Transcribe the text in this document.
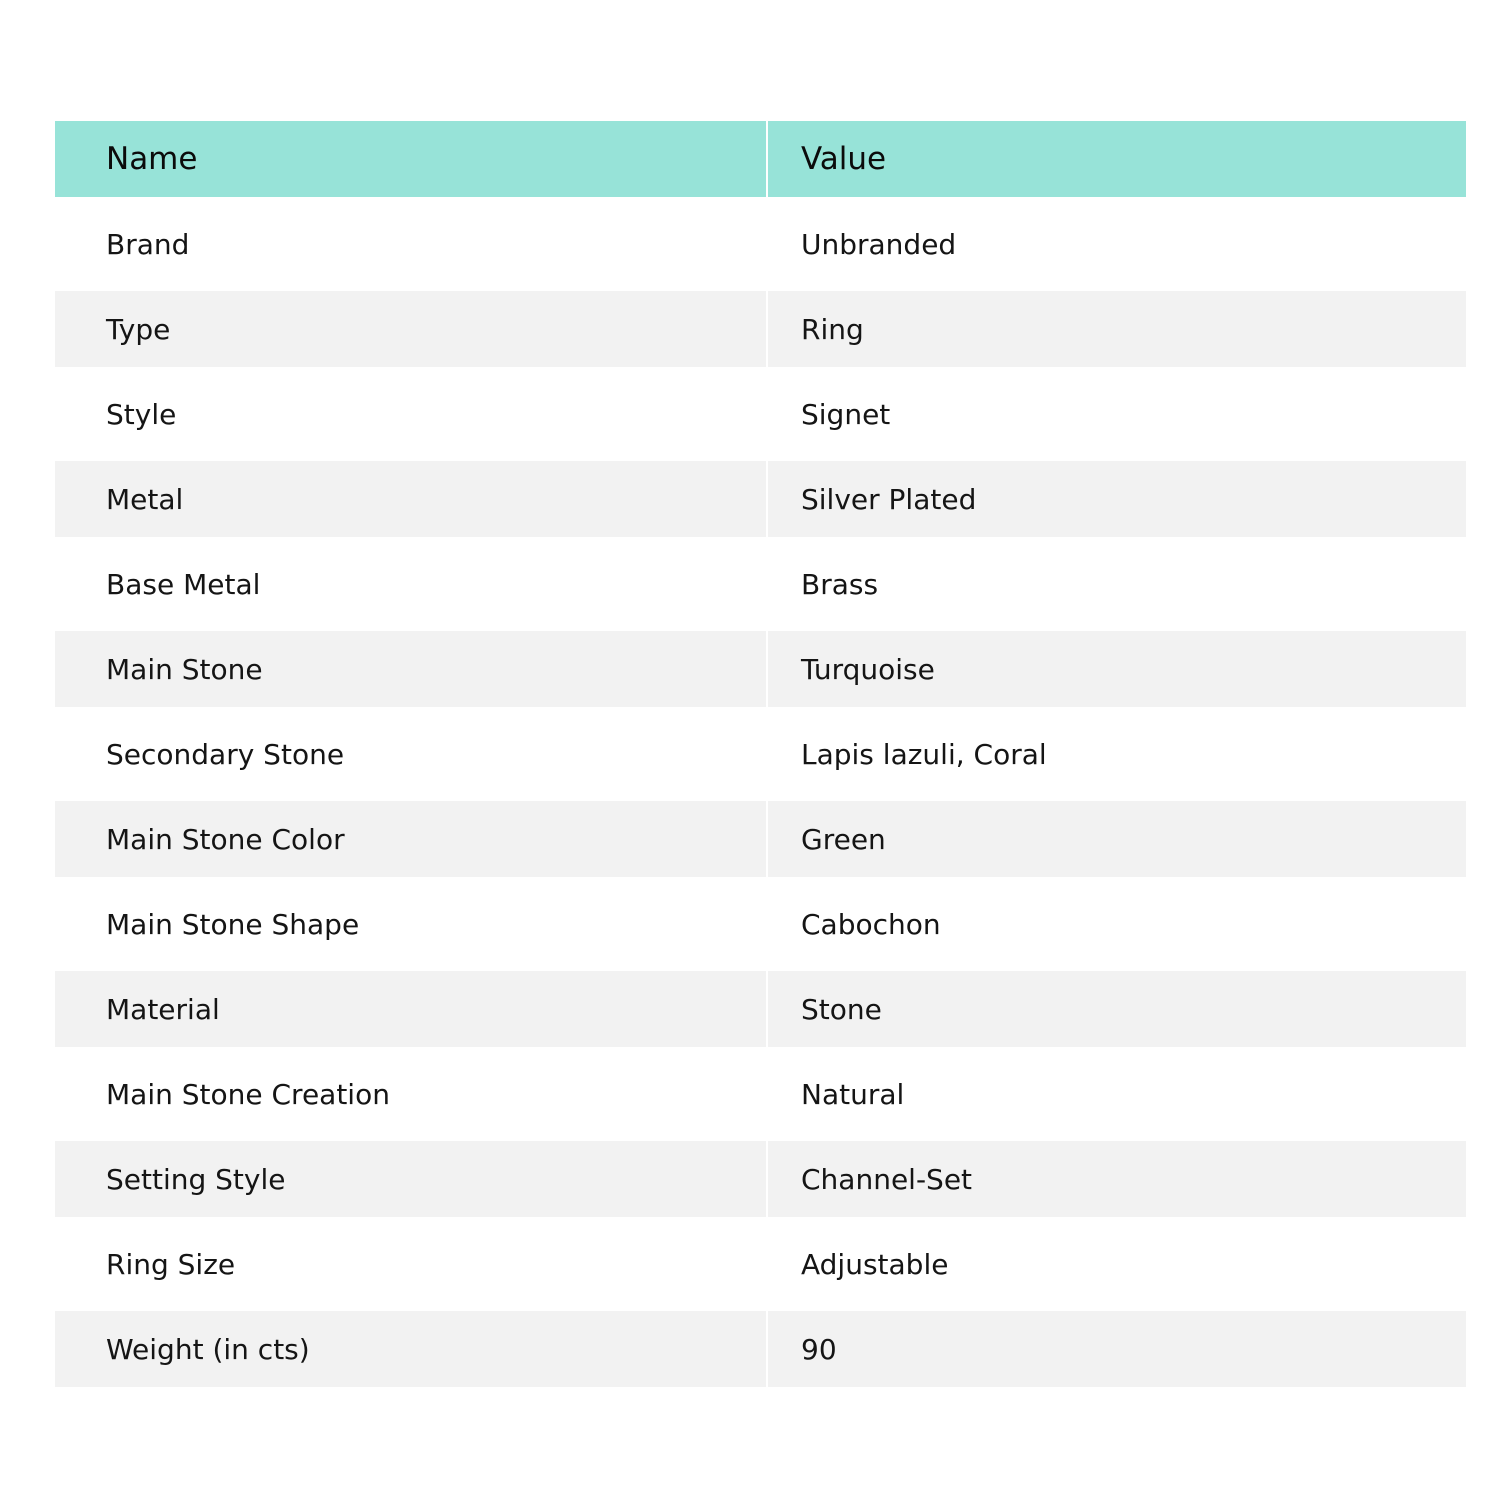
Name	Value
Brand	Unbranded
Type	Ring
Style	Signet
Metal	Silver Plated
Base Metal	Brass
Main Stone	Turquoise
Secondary Stone	Lapis lazuli, Coral
Main Stone Color	Green
Main Stone Shape	Cabochon
Material	Stone
Main Stone Creation	Natural
Setting Style	Channel-Set
Ring Size	Adjustable
Weight (in cts)	90
